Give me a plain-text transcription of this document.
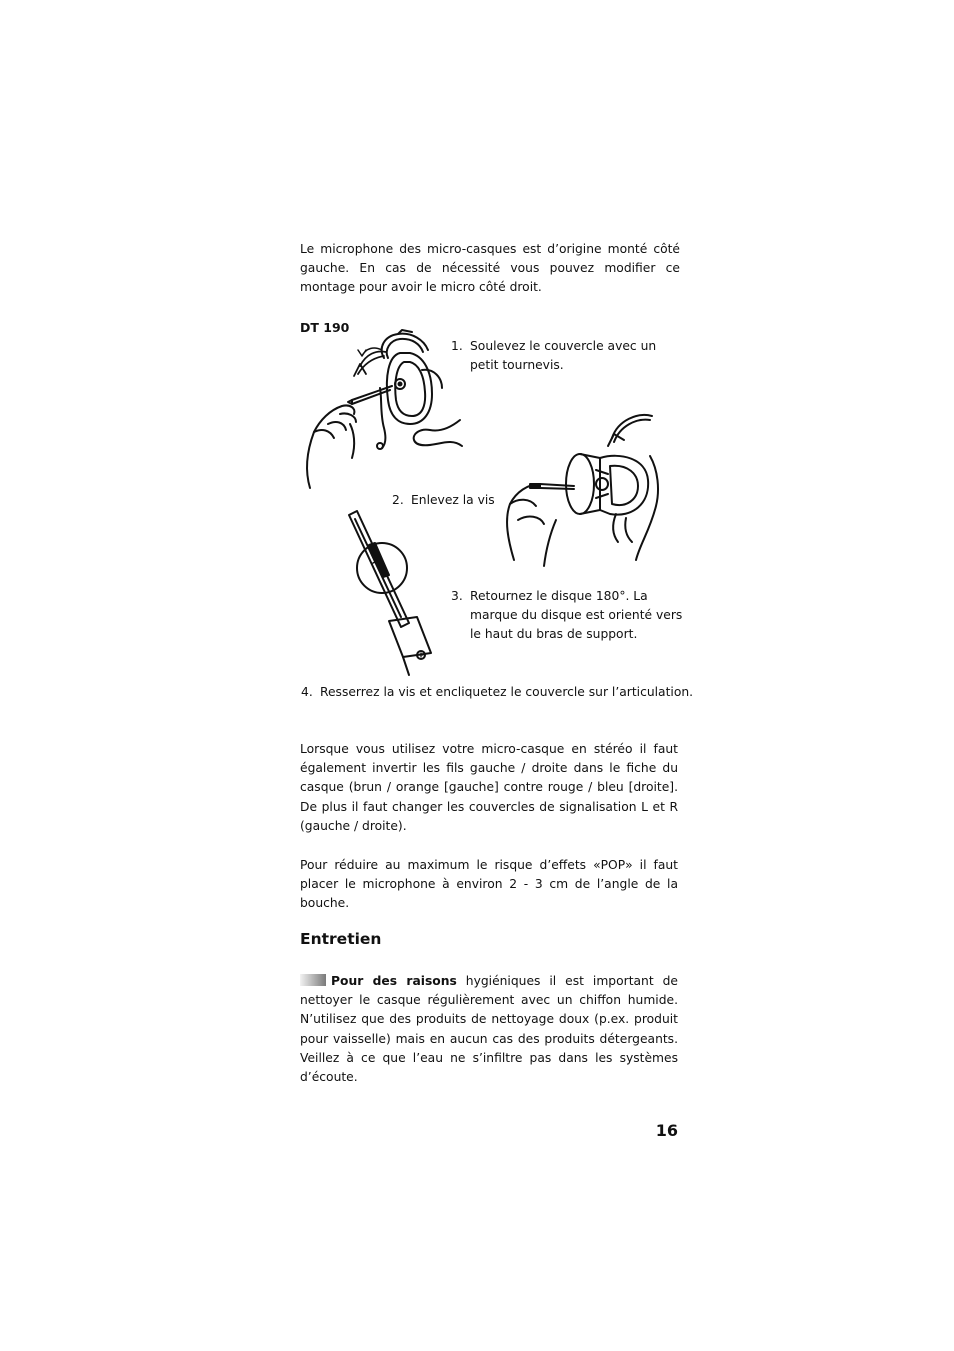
Le microphone des micro-casques est d’origine monté côté gauche. En cas de nécessité vous pouvez modifier ce montage pour avoir le micro côté droit.

DT 190
1. Soulevez le couvercle avec un petit tournevis.
2. Enlevez la vis
3. Retournez le disque 180°. La marque du disque est orienté vers le haut du bras de support.
4. Resserrez la vis et encliquetez le couvercle sur l’articulation.

Lorsque vous utilisez votre micro-casque en stéréo il faut également invertir les fils gauche / droite dans le fiche du casque (brun / orange [gauche] contre rouge / bleu [droite]. De plus il faut changer les couvercles de signalisation L et R (gauche / droite).

Pour réduire au maximum le risque d’effets «POP» il faut placer le microphone à environ 2 - 3 cm de l’angle de la bouche.

Entretien

Pour des raisons hygiéniques il est important de nettoyer le casque régulièrement avec un chiffon humide. N’utilisez que des produits de nettoyage doux (p.ex. produit pour vaisselle) mais en aucun cas des produits détergeants. Veillez à ce que l’eau ne s’infiltre pas dans les systèmes d’écoute.

16
